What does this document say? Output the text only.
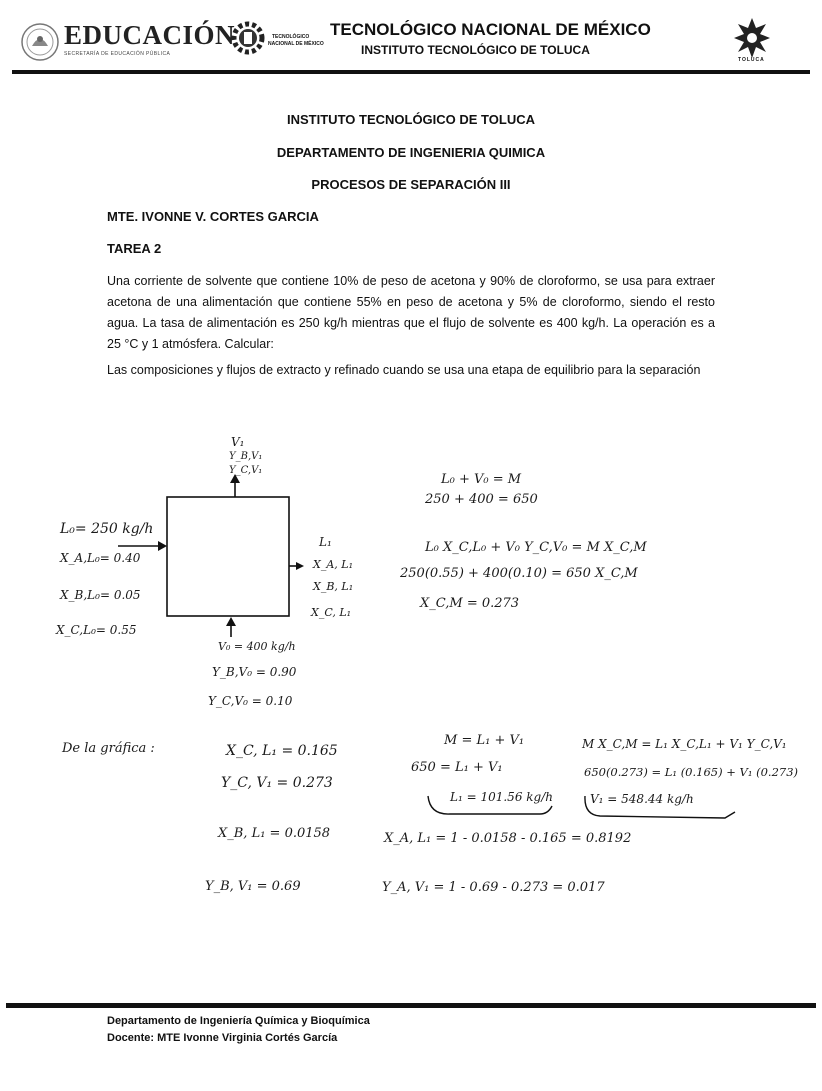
EDUCACIÓN
SECRETARÍA DE EDUCACIÓN PÚBLICA
TECNOLÓGICO
NACIONAL DE MÉXICO
TECNOLÓGICO NACIONAL DE MÉXICO
INSTITUTO TECNOLÓGICO DE TOLUCA
TOLUCA
INSTITUTO TECNOLÓGICO DE TOLUCA
DEPARTAMENTO DE INGENIERIA QUIMICA
PROCESOS DE SEPARACIÓN III
MTE. IVONNE V. CORTES GARCIA
TAREA 2
Una corriente de solvente que contiene 10% de peso de acetona y 90% de cloroformo, se usa para extraer acetona de una alimentación que contiene 55% en peso de acetona y 5% de cloroformo, siendo el resto agua. La tasa de alimentación es 250 kg/h mientras que el flujo de solvente es 400 kg/h. La operación es a 25 °C y 1 atmósfera. Calcular:
Las composiciones y flujos de extracto y refinado cuando se usa una etapa de equilibrio para la separación
V₁
Y_B,V₁
Y_C,V₁
L₀= 250 kg/h
X_A,L₀= 0.40
X_B,L₀= 0.05
X_C,L₀= 0.55
L₁
X_A, L₁
X_B, L₁
X_C, L₁
V₀ = 400 kg/h
Y_B,V₀ = 0.90
Y_C,V₀ = 0.10
L₀ + V₀ = M
250 + 400 = 650
L₀ X_C,L₀ + V₀ Y_C,V₀ = M X_C,M
250(0.55) + 400(0.10) = 650 X_C,M
X_C,M = 0.273
De la gráfica :	X_C, L₁ = 0.165
Y_C, V₁ = 0.273
X_B, L₁ = 0.0158
Y_B, V₁ = 0.69
M = L₁ + V₁
650 = L₁ + V₁
M X_C,M = L₁ X_C,L₁ + V₁ Y_C,V₁
650(0.273) = L₁ (0.165) + V₁ (0.273)
L₁ = 101.56 kg/h	V₁ = 548.44 kg/h
X_A, L₁ = 1 - 0.0158 - 0.165 = 0.8192
Y_A, V₁ = 1 - 0.69 - 0.273 = 0.017
Departamento de Ingeniería Química y Bioquímica
Docente: MTE Ivonne Virginia Cortés García
